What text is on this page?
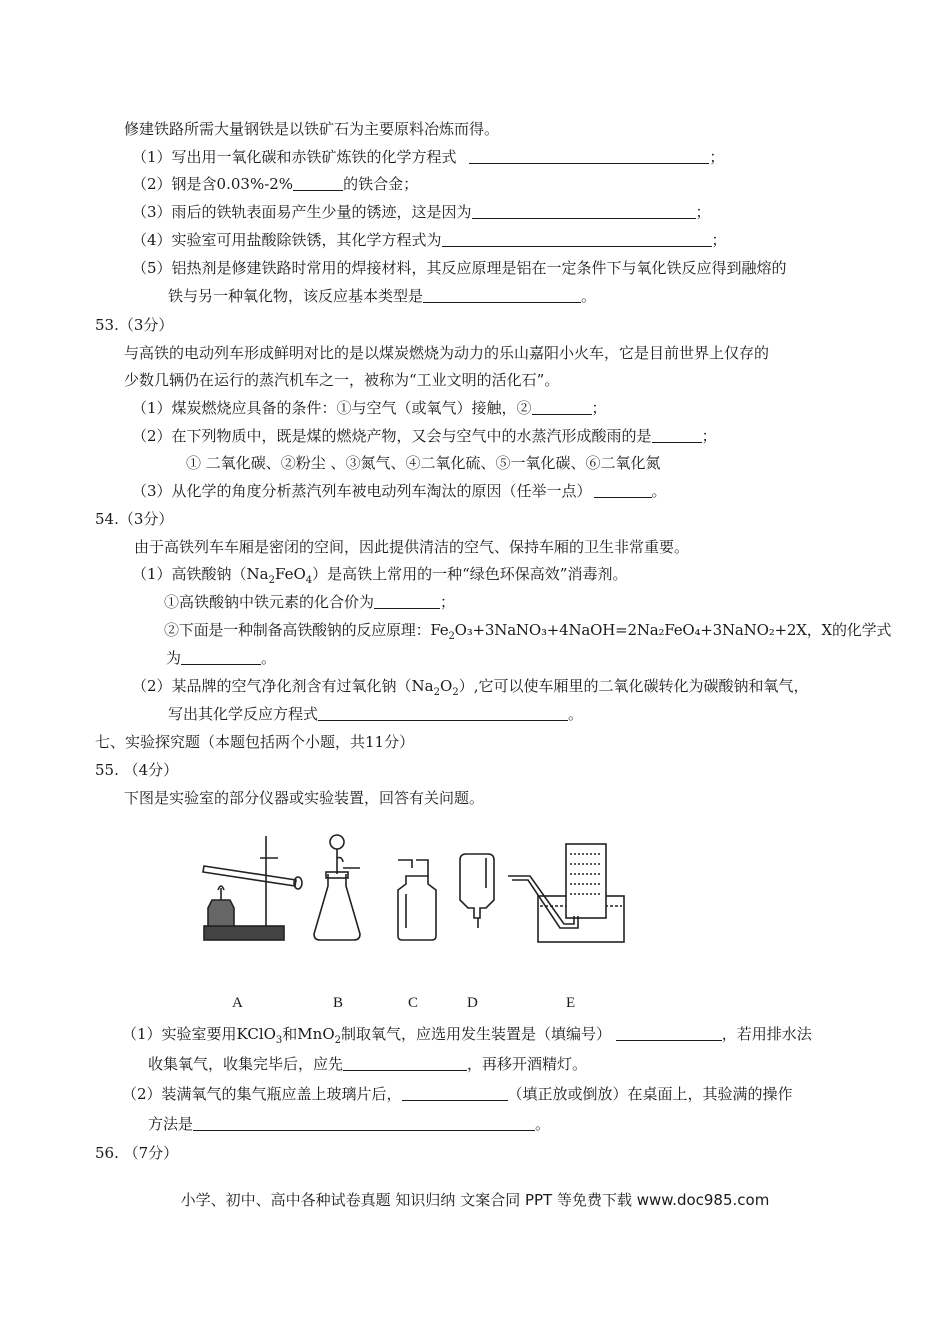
修建铁路所需大量钢铁是以铁矿石为主要原料冶炼而得。
（1）写出用一氧化碳和赤铁矿炼铁的化学方程式	；
（2）钢是含0.03%-2%	的铁合金；
（3）雨后的铁轨表面易产生少量的锈迹，这是因为	；
（4）实验室可用盐酸除铁锈，其化学方程式为	；
（5）铝热剂是修建铁路时常用的焊接材料，其反应原理是铝在一定条件下与氧化铁反应得到融熔的
铁与另一种氧化物，该反应基本类型是	。
53.（3分）
与高铁的电动列车形成鲜明对比的是以煤炭燃烧为动力的乐山嘉阳小火车，它是目前世界上仅存的
少数几辆仍在运行的蒸汽机车之一，被称为“工业文明的活化石”。
（1）煤炭燃烧应具备的条件：①与空气（或氧气）接触，②	；
（2）在下列物质中，既是煤的燃烧产物，又会与空气中的水蒸汽形成酸雨的是	；
① 二氧化碳、②粉尘 、③氮气、④二氧化硫、⑤一氧化碳、⑥二氧化氮
（3）从化学的角度分析蒸汽列车被电动列车淘汰的原因（任举一点）	。
54.（3分）
由于高铁列车车厢是密闭的空间，因此提供清洁的空气、保持车厢的卫生非常重要。
（1）高铁酸钠$(Na_2FeO_4)$是高铁上常用的一种“绿色环保高效”消毒剂。
①高铁酸钠中铁元素的化合价为	；
②下面是一种制备高铁酸钠的反应原理：$Fe_2O_3+3NaNO_3+4NaOH=2Na_2FeO_4+3NaNO_2+2X$，X的化学式
为	。
（2）某品牌的空气净化剂含有过氧化钠$(Na_2O_2)$,它可以使车厢里的二氧化碳转化为碳酸钠和氧气，
写出其化学反应方程式	。
七、实验探究题（本题包括两个小题，共11分）
55. （4分）
下图是实验室的部分仪器或实验装置，回答有关问题。
A	B	C	D	E
（1）实验室要用KClO$_3$和MnO$_2$制取氧气，应选用发生装置是（填编号）	，若用排水法
收集氧气，收集完毕后，应先	，再移开酒精灯。
（2）装满氧气的集气瓶应盖上玻璃片后，	（填正放或倒放）在桌面上，其验满的操作
方法是	。
56. （7分）
小学、初中、高中各种试卷真题 知识归纳 文案合同 PPT 等免费下载 www.doc985.com
